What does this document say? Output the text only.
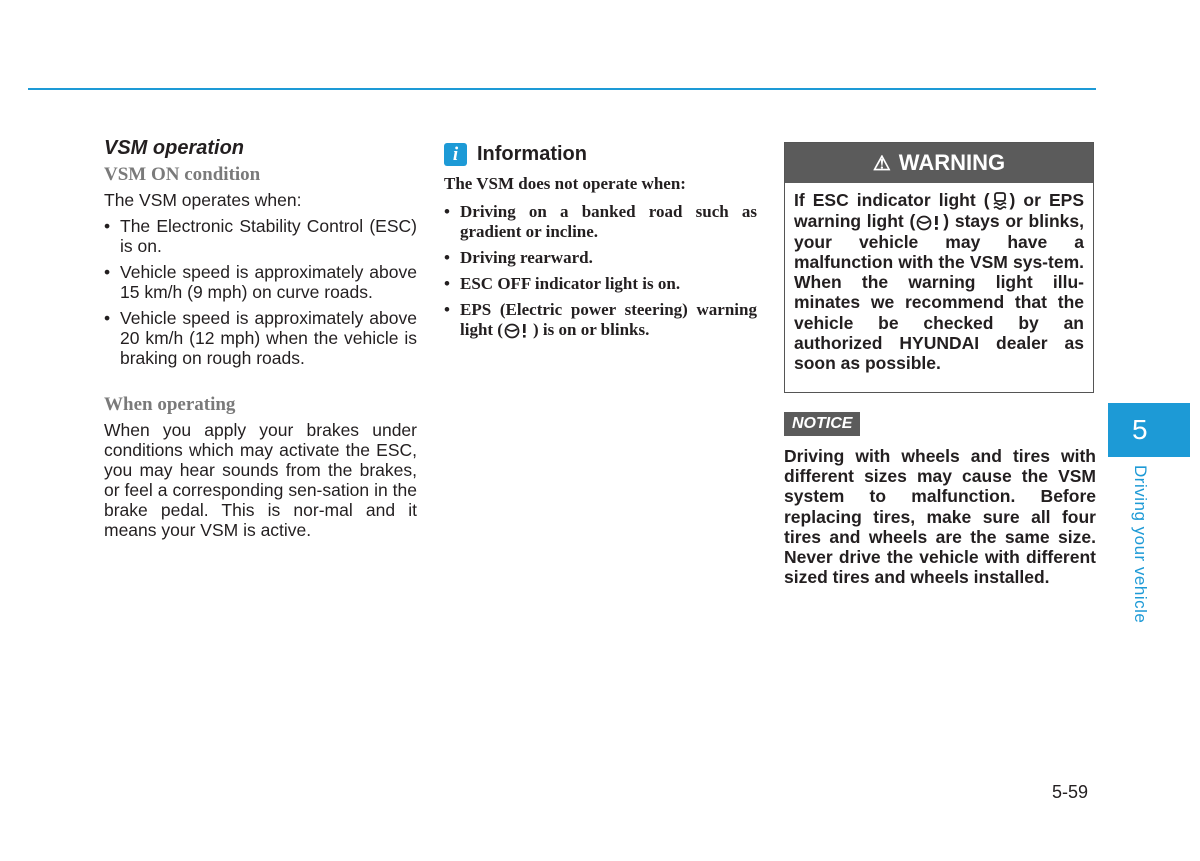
VSM operation

VSM ON condition

The VSM operates when:

• The Electronic Stability Control (ESC) is on.
• Vehicle speed is approximately above 15 km/h (9 mph) on curve roads.
• Vehicle speed is approximately above 20 km/h (12 mph) when the vehicle is braking on rough roads.

When operating

When you apply your brakes under conditions which may activate the ESC, you may hear sounds from the brakes, or feel a corresponding sen-sation in the brake pedal. This is nor-mal and it means your VSM is active.

i Information
The VSM does not operate when:
• Driving on a banked road such as gradient or incline.
• Driving rearward.
• ESC OFF indicator light is on.
• EPS (Electric power steering) warning light ( ) is on or blinks.
⚠ WARNING
If ESC indicator light ( ) or EPS warning light ( ) stays or blinks, your vehicle may have a malfunction with the VSM sys-tem. When the warning light illu-minates we recommend that the vehicle be checked by an authorized HYUNDAI dealer as soon as possible.
NOTICE
Driving with wheels and tires with different sizes may cause the VSM system to malfunction. Before replacing tires, make sure all four tires and wheels are the same size. Never drive the vehicle with different sized tires and wheels installed.
5
Driving your vehicle
5-59
